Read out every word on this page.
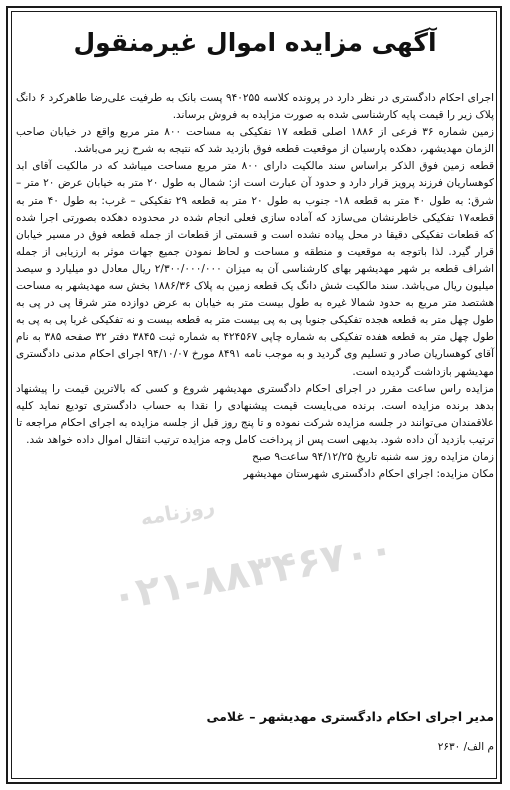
روزنامه
۰۲۱-۸۸۳۴۶۷۰۰
آگهی مزایده اموال غیرمنقول

اجرای احکام دادگستری در نظر دارد در پرونده کلاسه ۹۴۰۲۵۵ پست بانک به طرفیت علی‌رضا طاهرکرد ۶ دانگ پلاک زیر را قیمت پایه کارشناسی شده به صورت مزایده به فروش برساند.

زمین شماره ۳۶ فرعی از ۱۸۸۶ اصلی قطعه ۱۷ تفکیکی به مساحت ۸۰۰ متر مربع واقع در خیابان صاحب الزمان مهدیشهر، دهکده پارسیان از موقعیت قطعه فوق بازدید شد که نتیجه به شرح زیر می‌باشد.

قطعه زمین فوق الذکر براساس سند مالکیت دارای ۸۰۰ متر مربع مساحت میباشد که در مالکیت آقای ابد کوهساریان فرزند پرویز قرار دارد و حدود آن عبارت است از: شمال به طول ۲۰ متر به خیابان عرض ۲۰ متر – شرق: به طول ۴۰ متر به قطعه ۱۸- جنوب به طول ۲۰ متر به قطعه ۲۹ تفکیکی – غرب: به طول ۴۰ متر به قطعه۱۷ تفکیکی خاطرنشان می‌سازد که آماده سازی فعلی انجام شده در محدوده دهکده بصورتی اجرا شده که قطعات تفکیکی دقیقا در محل پیاده نشده است و قسمتی از قطعات از جمله قطعه فوق در مسیر خیابان قرار گیرد. لذا باتوجه به موقعیت و منطقه و مساحت و لحاظ نمودن جمیع جهات موثر به ارزیابی از جمله اشراف قطعه بر شهر مهدیشهر بهای کارشناسی آن به میزان ۲/۳۰۰/۰۰۰/۰۰۰ ریال معادل دو میلیارد و سیصد میلیون ریال می‌باشد. سند مالکیت شش دانگ یک قطعه زمین به پلاک ۱۸۸۶/۳۶ بخش سه مهدیشهر به مساحت هشتصد متر مربع به حدود شمالا غیره به طول بیست متر به خیابان به عرض دوازده متر شرقا پی در پی به طول چهل متر به قطعه هجده تفکیکی جنوبا پی به پی بیست متر به قطعه بیست و نه تفکیکی غربا پی به پی به طول چهل متر به قطعه هفده تفکیکی به شماره چاپی ۴۲۴۵۶۷ به شماره ثبت ۳۸۴۵ دفتر ۳۲ صفحه ۳۸۵ به نام آقای کوهساریان صادر و تسلیم وی گردید و به موجب نامه ۸۴۹۱ مورخ ۹۴/۱۰/۰۷ اجرای احکام مدنی دادگستری مهدیشهر بازداشت گردیده است.

مزایده راس ساعت مقرر در اجرای احکام دادگستری مهدیشهر شروع و کسی که بالاترین قیمت را پیشنهاد بدهد برنده مزایده است. برنده می‌بایست قیمت پیشنهادی را نقدا به حساب دادگستری تودیع نماید کلیه علاقمندان می‌توانند در جلسه مزایده شرکت نموده و تا پنج روز قبل از جلسه مزایده به اجرای احکام مراجعه تا ترتیب بازدید آن داده شود. بدیهی است پس از پرداخت کامل وجه مزایده ترتیب انتقال اموال داده خواهد شد.

زمان مزایده روز سه شنبه تاریخ ۹۴/۱۲/۲۵ ساعت۹ صبح

مکان مزایده: اجرای احکام دادگستری شهرستان مهدیشهر

مدیر اجرای احکام دادگستری مهدیشهر – غلامی
م الف/ ۲۶۳۰
